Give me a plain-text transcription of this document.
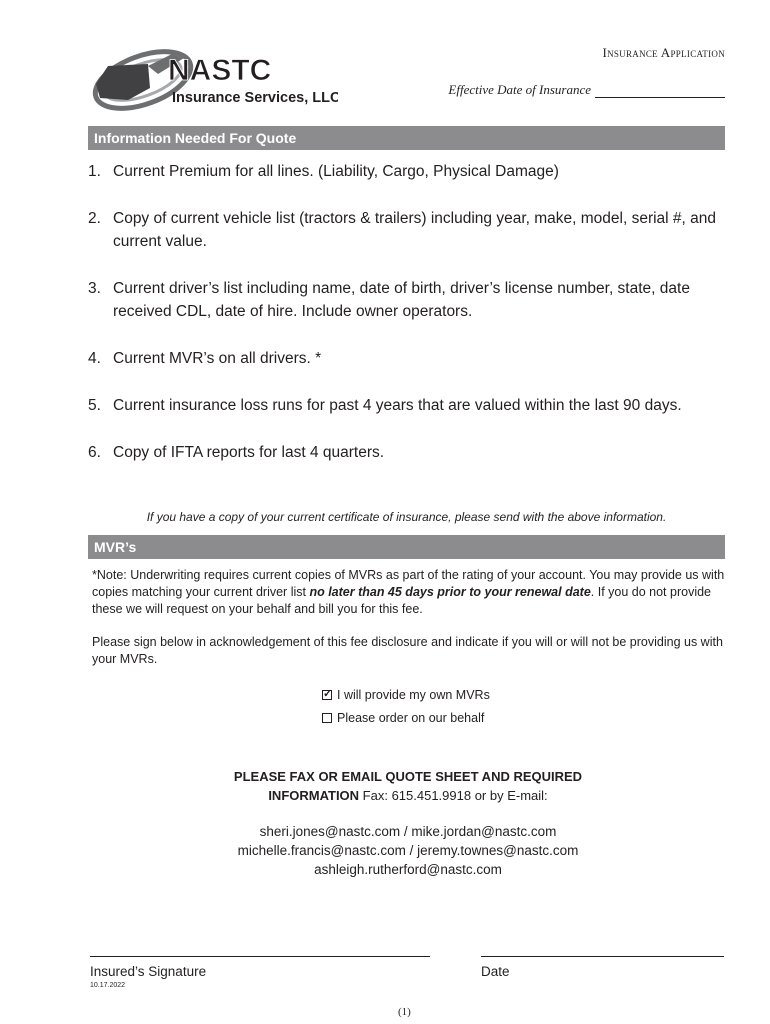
NASTC
Insurance Services, LLC
Insurance Application
Effective Date of Insurance
Information Needed For Quote
1. Current Premium for all lines. (Liability, Cargo, Physical Damage)
2. Copy of current vehicle list (tractors & trailers) including year, make, model, serial #, and current value.
3. Current driver’s list including name, date of birth, driver’s license number, state, date received CDL, date of hire. Include owner operators.
4. Current MVR’s on all drivers. *
5. Current insurance loss runs for past 4 years that are valued within the last 90 days.
6. Copy of IFTA reports for last 4 quarters.
If you have a copy of your current certificate of insurance, please send with the above information.
MVR’s
*Note: Underwriting requires current copies of MVRs as part of the rating of your account. You may provide us with copies matching your current driver list no later than 45 days prior to your renewal date. If you do not provide these we will request on your behalf and bill you for this fee.
Please sign below in acknowledgement of this fee disclosure and indicate if you will or will not be providing us with your MVRs.
✓
I will provide my own MVRs
Please order on our behalf
PLEASE FAX OR EMAIL QUOTE SHEET AND REQUIRED
INFORMATION Fax: 615.451.9918 or by E-mail:
sheri.jones@nastc.com / mike.jordan@nastc.com
michelle.francis@nastc.com / jeremy.townes@nastc.com
ashleigh.rutherford@nastc.com
Insured’s Signature	Date
10.17.2022
(1)
